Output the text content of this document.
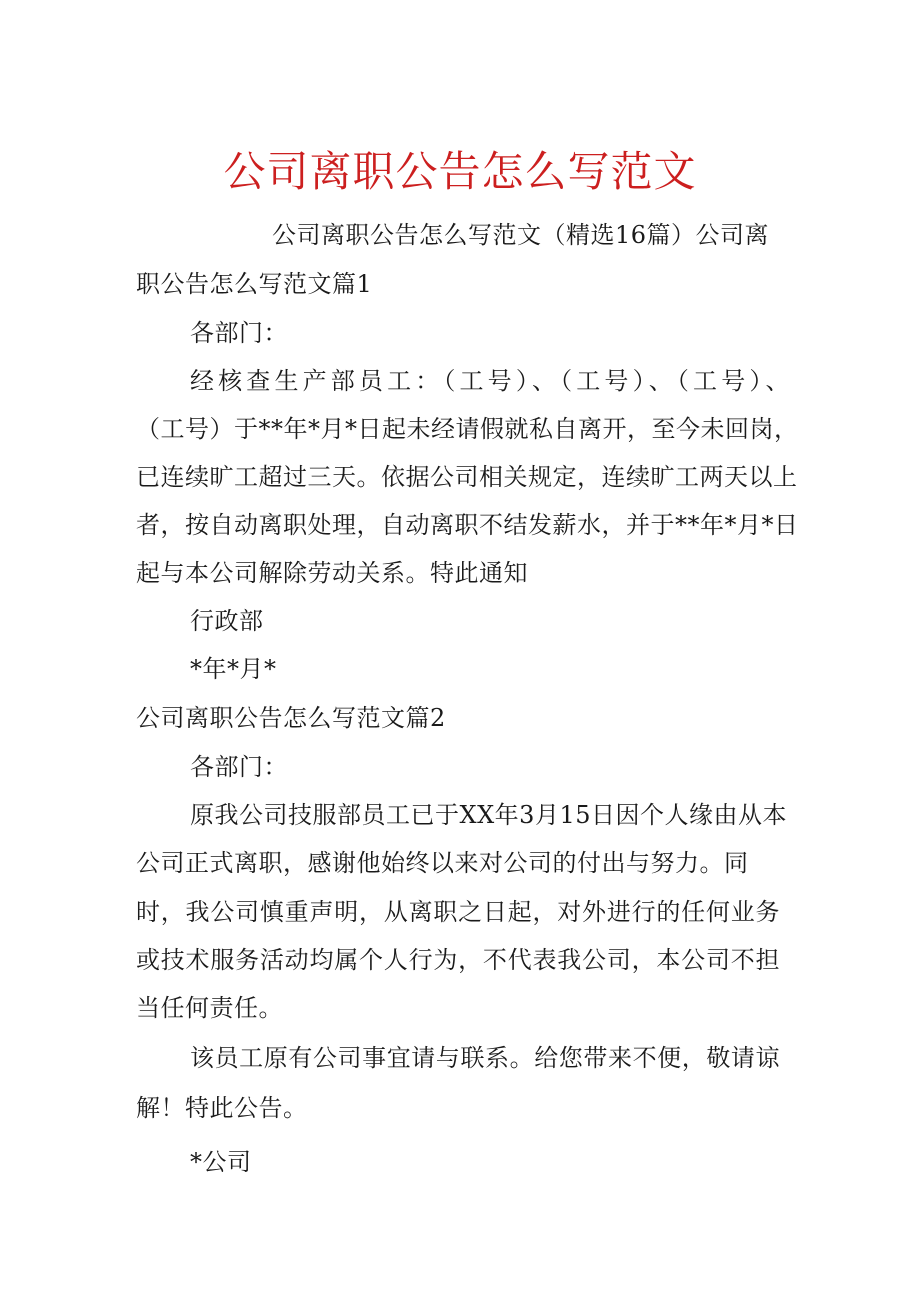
公司离职公告怎么写范文
公司离职公告怎么写范文（精选16篇）公司离
职公告怎么写范文篇1
各部门：
经核查生产部员工：（工号）、（工号）、（工号）、
（工号）于**年*月*日起未经请假就私自离开，至今未回岗，
已连续旷工超过三天。依据公司相关规定，连续旷工两天以上
者，按自动离职处理，自动离职不结发薪水，并于**年*月*日
起与本公司解除劳动关系。特此通知
行政部
*年*月*
公司离职公告怎么写范文篇2
各部门：
原我公司技服部员工已于XX年3月15日因个人缘由从本
公司正式离职，感谢他始终以来对公司的付出与努力。同
时，我公司慎重声明，从离职之日起，对外进行的任何业务
或技术服务活动均属个人行为，不代表我公司，本公司不担
当任何责任。
该员工原有公司事宜请与联系。给您带来不便，敬请谅
解！特此公告。
*公司
